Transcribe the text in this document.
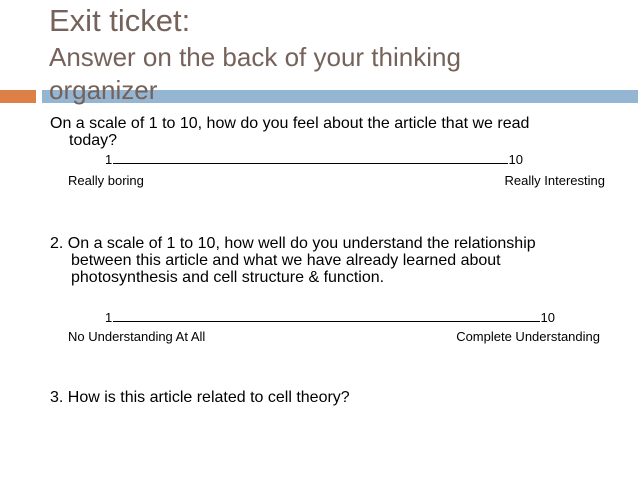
Exit ticket:
Answer on the back of your thinking
organizer
On a scale of 1 to 10, how do you feel about the article that we read
today?
1	10
Really boring	Really Interesting
2. On a scale of 1 to 10, how well do you understand the relationship
between this article and what we have already learned about
photosynthesis and cell structure & function.
1	10
No Understanding At All	Complete Understanding
3. How is this article related to cell theory?
